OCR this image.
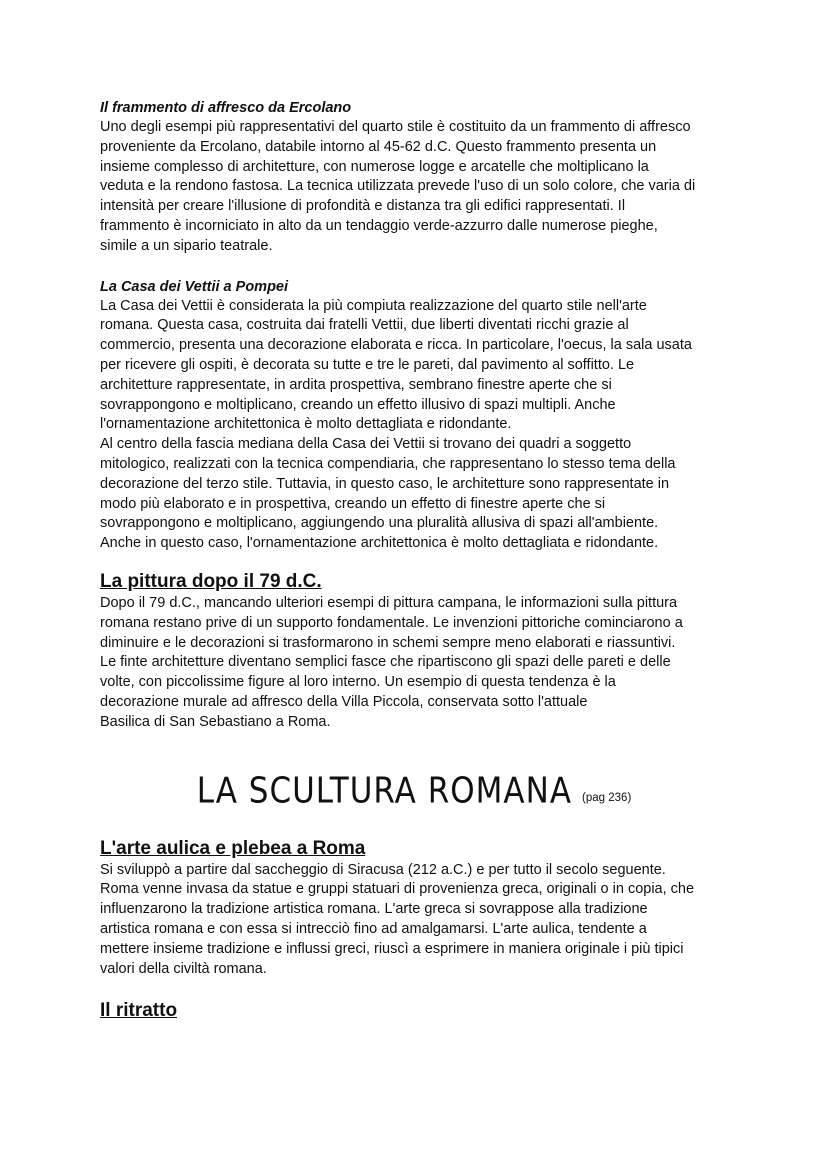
Il frammento di affresco da Ercolano

Uno degli esempi più rappresentativi del quarto stile è costituito da un frammento di affresco
proveniente da Ercolano, databile intorno al 45-62 d.C. Questo frammento presenta un
insieme complesso di architetture, con numerose logge e arcatelle che moltiplicano la
veduta e la rendono fastosa. La tecnica utilizzata prevede l'uso di un solo colore, che varia di
intensità per creare l'illusione di profondità e distanza tra gli edifici rappresentati. Il
frammento è incorniciato in alto da un tendaggio verde-azzurro dalle numerose pieghe,
simile a un sipario teatrale.

La Casa dei Vettii a Pompei

La Casa dei Vettii è considerata la più compiuta realizzazione del quarto stile nell'arte
romana. Questa casa, costruita dai fratelli Vettii, due liberti diventati ricchi grazie al
commercio, presenta una decorazione elaborata e ricca. In particolare, l'oecus, la sala usata
per ricevere gli ospiti, è decorata su tutte e tre le pareti, dal pavimento al soffitto. Le
architetture rappresentate, in ardita prospettiva, sembrano finestre aperte che si
sovrappongono e moltiplicano, creando un effetto illusivo di spazi multipli. Anche
l'ornamentazione architettonica è molto dettagliata e ridondante.
Al centro della fascia mediana della Casa dei Vettii si trovano dei quadri a soggetto
mitologico, realizzati con la tecnica compendiaria, che rappresentano lo stesso tema della
decorazione del terzo stile. Tuttavia, in questo caso, le architetture sono rappresentate in
modo più elaborato e in prospettiva, creando un effetto di finestre aperte che si
sovrappongono e moltiplicano, aggiungendo una pluralità allusiva di spazi all'ambiente.
Anche in questo caso, l'ornamentazione architettonica è molto dettagliata e ridondante.

La pittura dopo il 79 d.C.

Dopo il 79 d.C., mancando ulteriori esempi di pittura campana, le informazioni sulla pittura
romana restano prive di un supporto fondamentale. Le invenzioni pittoriche cominciarono a
diminuire e le decorazioni si trasformarono in schemi sempre meno elaborati e riassuntivi.
Le finte architetture diventano semplici fasce che ripartiscono gli spazi delle pareti e delle
volte, con piccolissime figure al loro interno. Un esempio di questa tendenza è la
decorazione murale ad affresco della Villa Piccola, conservata sotto l'attuale
Basilica di San Sebastiano a Roma.

LA SCULTURA ROMANA (pag 236)
L'arte aulica e plebea a Roma

Si sviluppò a partire dal saccheggio di Siracusa (212 a.C.) e per tutto il secolo seguente.
Roma venne invasa da statue e gruppi statuari di provenienza greca, originali o in copia, che
influenzarono la tradizione artistica romana. L'arte greca si sovrappose alla tradizione
artistica romana e con essa si intrecciò fino ad amalgamarsi. L'arte aulica, tendente a
mettere insieme tradizione e influssi greci, riuscì a esprimere in maniera originale i più tipici
valori della civiltà romana.

Il ritratto
